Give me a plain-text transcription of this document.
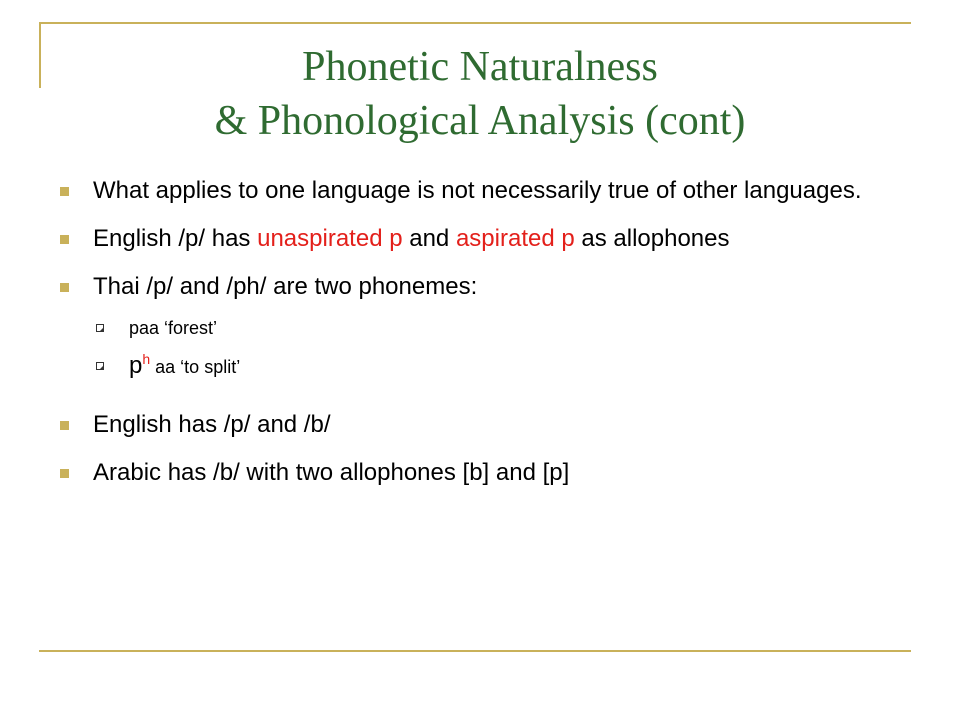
Phonetic Naturalness
& Phonological Analysis (cont)
What applies to one language is not necessarily true of other languages.
English /p/ has unaspirated p and aspirated p as allophones
Thai /p/ and /ph/ are two phonemes:
paa ‘forest’
$p^h$ aa ‘to split’
English has /p/ and /b/
Arabic has /b/ with two allophones [b] and [p]
